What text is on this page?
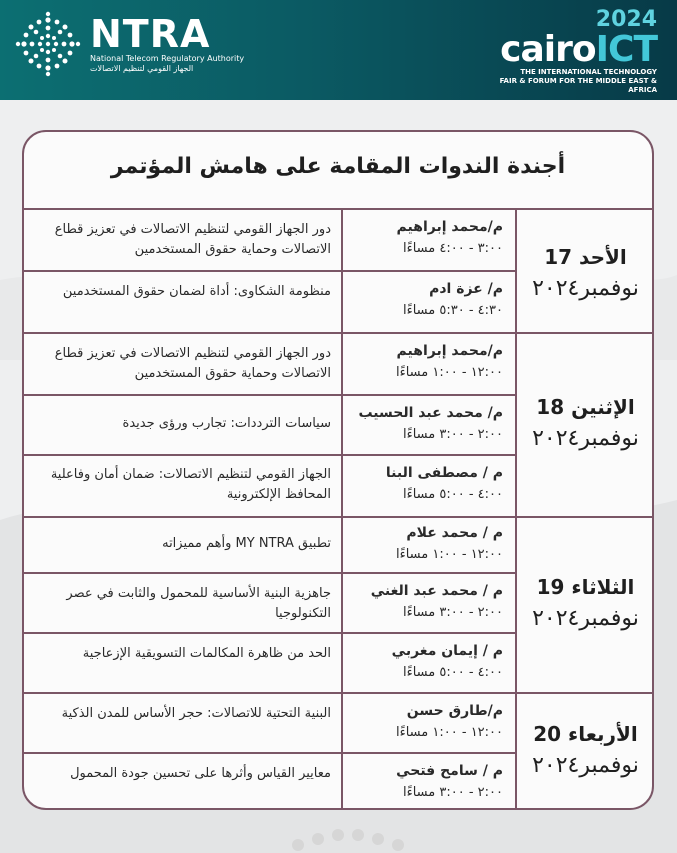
NTRA
National Telecom Regulatory Authority
الجهاز القومي لتنظيم الاتصالات
2024
cairoICT
THE INTERNATIONAL TECHNOLOGY
FAIR & FORUM FOR THE MIDDLE EAST & AFRICA
أجندة الندوات المقامة على هامش المؤتمر
الأحد 17
نوفمبر٢٠٢٤
الإثنين 18
نوفمبر٢٠٢٤
الثلاثاء 19
نوفمبر٢٠٢٤
الأربعاء 20
نوفمبر٢٠٢٤
م/محمد إبراهيم
٣:٠٠ - ٤:٠٠ مساءًا
م/ عزة ادم
٤:٣٠ - ٥:٣٠ مساءًا
م/محمد إبراهيم
١٢:٠٠ - ١:٠٠ مساءًا
م/ محمد عبد الحسيب
٢:٠٠ - ٣:٠٠ مساءًا
م / مصطفى البنا
٤:٠٠ - ٥:٠٠ مساءًا
م / محمد علام
١٢:٠٠ - ١:٠٠ مساءًا
م / محمد عبد الغني
٢:٠٠ - ٣:٠٠ مساءًا
م / إيمان مغربي
٤:٠٠ - ٥:٠٠ مساءًا
م/طارق حسن
١٢:٠٠ - ١:٠٠ مساءًا
م / سامح فتحي
٢:٠٠ - ٣:٠٠ مساءًا
دور الجهاز القومي لتنظيم الاتصالات في تعزيز قطاع الاتصالات وحماية حقوق المستخدمين
منظومة الشكاوى: أداة لضمان حقوق المستخدمين
دور الجهاز القومي لتنظيم الاتصالات في تعزيز قطاع الاتصالات وحماية حقوق المستخدمين
سياسات الترددات: تجارب ورؤى جديدة
الجهاز القومي لتنظيم الاتصالات: ضمان أمان وفاعلية المحافظ الإلكترونية
تطبيق MY NTRA وأهم مميزاته
جاهزية البنية الأساسية للمحمول والثابت في عصر التكنولوجيا
الحد من ظاهرة المكالمات التسويقية الإزعاجية
البنية التحتية للاتصالات: حجر الأساس للمدن الذكية
معايير القياس وأثرها على تحسين جودة المحمول
